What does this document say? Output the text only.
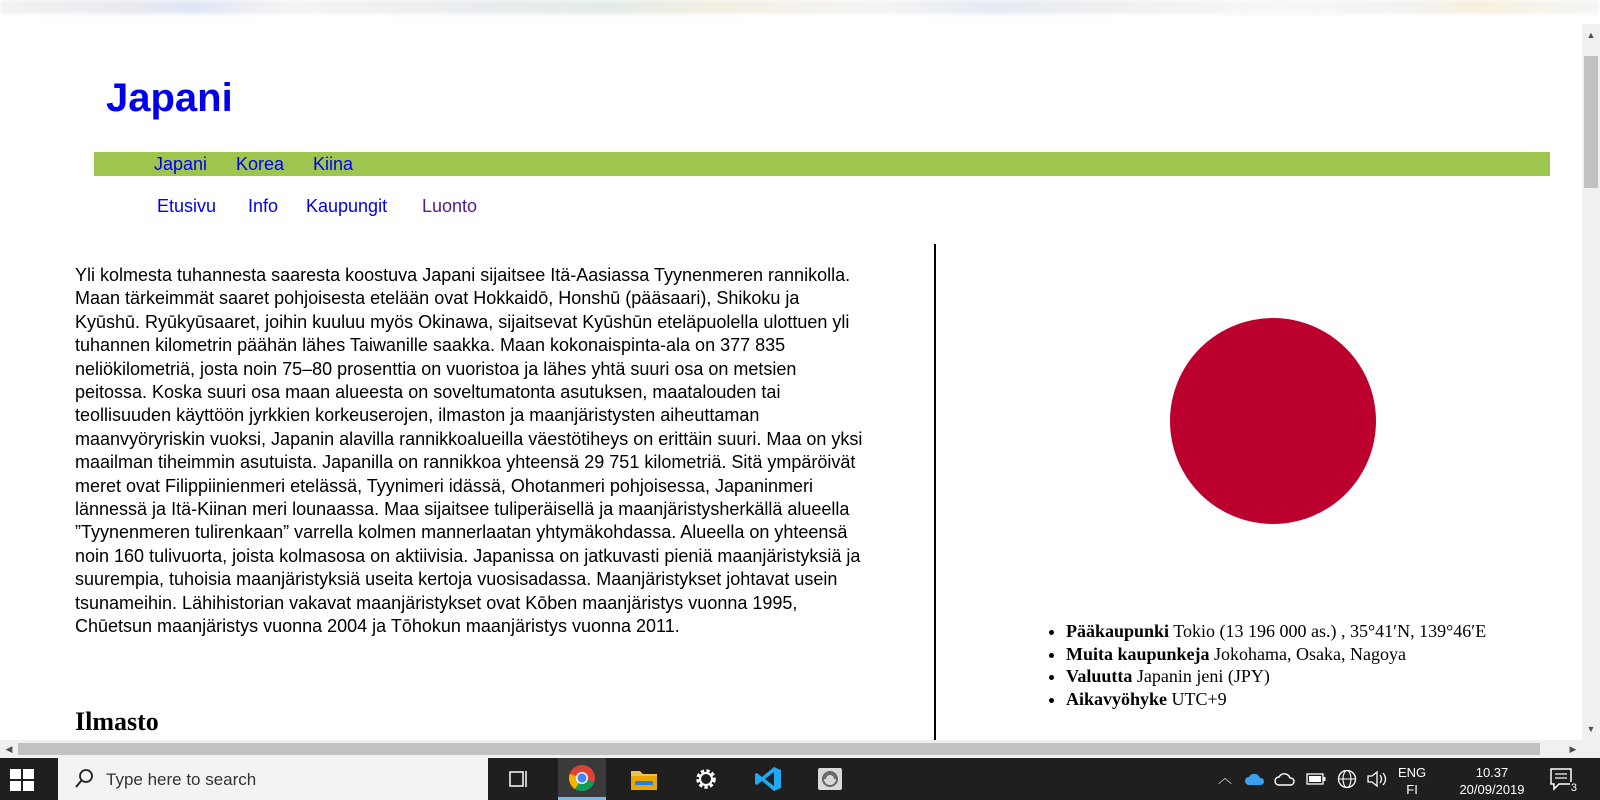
Japani
Japani Korea Kiina
Etusivu Info Kaupungit Luonto

Yli kolmesta tuhannesta saaresta koostuva Japani sijaitsee Itä-Aasiassa Tyynenmeren rannikolla. Maan tärkeimmät saaret pohjoisesta etelään ovat Hokkaidō, Honshū (pääsaari), Shikoku ja Kyūshū. Ryūkyūsaaret, joihin kuuluu myös Okinawa, sijaitsevat Kyūshūn eteläpuolella ulottuen yli tuhannen kilometrin päähän lähes Taiwanille saakka. Maan kokonaispinta-ala on 377 835 neliökilometriä, josta noin 75–80 prosenttia on vuoristoa ja lähes yhtä suuri osa on metsien peitossa. Koska suuri osa maan alueesta on soveltumatonta asutuksen, maatalouden tai teollisuuden käyttöön jyrkkien korkeuserojen, ilmaston ja maanjäristysten aiheuttaman maanvyöryriskin vuoksi, Japanin alavilla rannikkoalueilla väestötiheys on erittäin suuri. Maa on yksi maailman tiheimmin asutuista. Japanilla on rannikkoa yhteensä 29 751 kilometriä. Sitä ympäröivät meret ovat Filippiinienmeri etelässä, Tyynimeri idässä, Ohotanmeri pohjoisessa, Japaninmeri lännessä ja Itä-Kiinan meri lounaassa. Maa sijaitsee tuliperäisellä ja maanjäristysherkällä alueella ”Tyynenmeren tulirenkaan” varrella kolmen mannerlaatan yhtymäkohdassa. Alueella on yhteensä noin 160 tulivuorta, joista kolmasosa on aktiivisia. Japanissa on jatkuvasti pieniä maanjäristyksiä ja suurempia, tuhoisia maanjäristyksiä useita kertoja vuosisadassa. Maanjäristykset johtavat usein tsunameihin. Lähihistorian vakavat maanjäristykset ovat Kōben maanjäristys vuonna 1995, Chūetsun maanjäristys vuonna 2004 ja Tōhokun maanjäristys vuonna 2011.

Ilmasto
• Pääkaupunki Tokio (13 196 000 as.) , 35°41′N, 139°46′E
• Muita kaupunkeja Jokohama, Osaka, Nagoya
• Valuutta Japanin jeni (JPY)
• Aikavyöhyke UTC+9
▲
▼
◀	▶
Type here to search	︿	ENG
FI
10.37
20/09/2019	3
